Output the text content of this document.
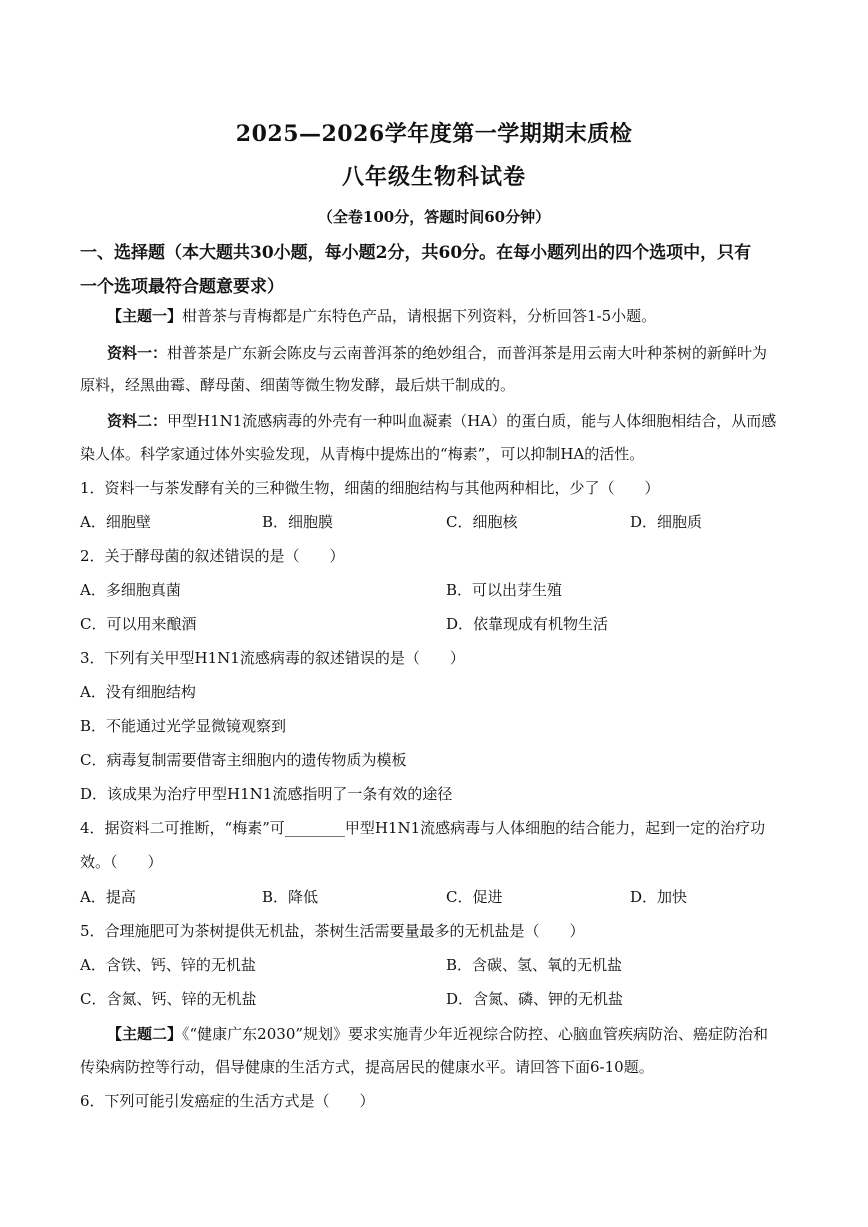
2025—2026学年度第一学期期末质检
八年级生物科试卷
（全卷100分，答题时间60分钟）
一、选择题（本大题共30小题，每小题2分，共60分。在每小题列出的四个选项中，只有
一个选项最符合题意要求）
【主题一】柑普茶与青梅都是广东特色产品，请根据下列资料，分析回答1-5小题。
资料一：柑普茶是广东新会陈皮与云南普洱茶的绝妙组合，而普洱茶是用云南大叶种茶树的新鲜叶为
原料，经黑曲霉、酵母菌、细菌等微生物发酵，最后烘干制成的。
资料二：甲型H1N1流感病毒的外壳有一种叫血凝素（HA）的蛋白质，能与人体细胞相结合，从而感
染人体。科学家通过体外实验发现，从青梅中提炼出的“梅素”，可以抑制HA的活性。
1．资料一与茶发酵有关的三种微生物，细菌的细胞结构与其他两种相比，少了（　　）
A．细胞壁	B．细胞膜	C．细胞核	D．细胞质
2．关于酵母菌的叙述错误的是（　　）
A．多细胞真菌	B．可以出芽生殖
C．可以用来酿酒	D．依靠现成有机物生活
3．下列有关甲型H1N1流感病毒的叙述错误的是（　　）
A．没有细胞结构
B．不能通过光学显微镜观察到
C．病毒复制需要借寄主细胞内的遗传物质为模板
D．该成果为治疗甲型H1N1流感指明了一条有效的途径
4．据资料二可推断，“梅素”可________甲型H1N1流感病毒与人体细胞的结合能力，起到一定的治疗功
效。（　　）
A．提高	B．降低	C．促进	D．加快
5．合理施肥可为茶树提供无机盐，茶树生活需要量最多的无机盐是（　　）
A．含铁、钙、锌的无机盐	B．含碳、氢、氧的无机盐
C．含氮、钙、锌的无机盐	D．含氮、磷、钾的无机盐
【主题二】《“健康广东2030”规划》要求实施青少年近视综合防控、心脑血管疾病防治、癌症防治和
传染病防控等行动，倡导健康的生活方式，提高居民的健康水平。请回答下面6-10题。
6．下列可能引发癌症的生活方式是（　　）
